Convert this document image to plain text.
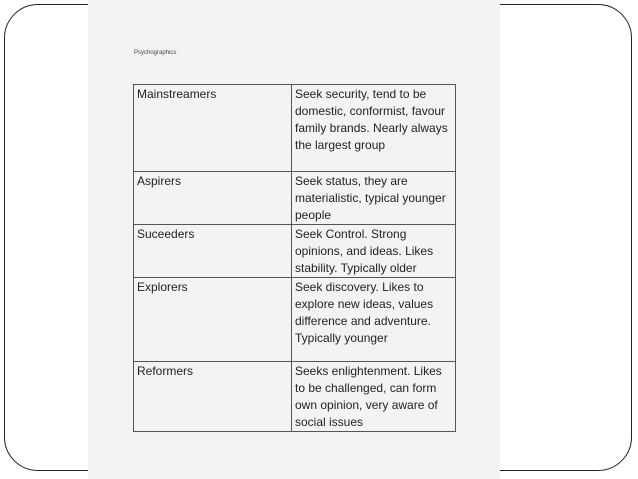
Psychographics
Mainstreamers	Seek security, tend to be domestic, conformist, favour family brands. Nearly always the largest group
Aspirers	Seek status, they are materialistic, typical younger people
Suceeders	Seek Control. Strong opinions, and ideas. Likes stability. Typically older
Explorers	Seek discovery. Likes to explore new ideas, values difference and adventure. Typically younger
Reformers	Seeks enlightenment. Likes to be challenged, can form own opinion, very aware of social issues
